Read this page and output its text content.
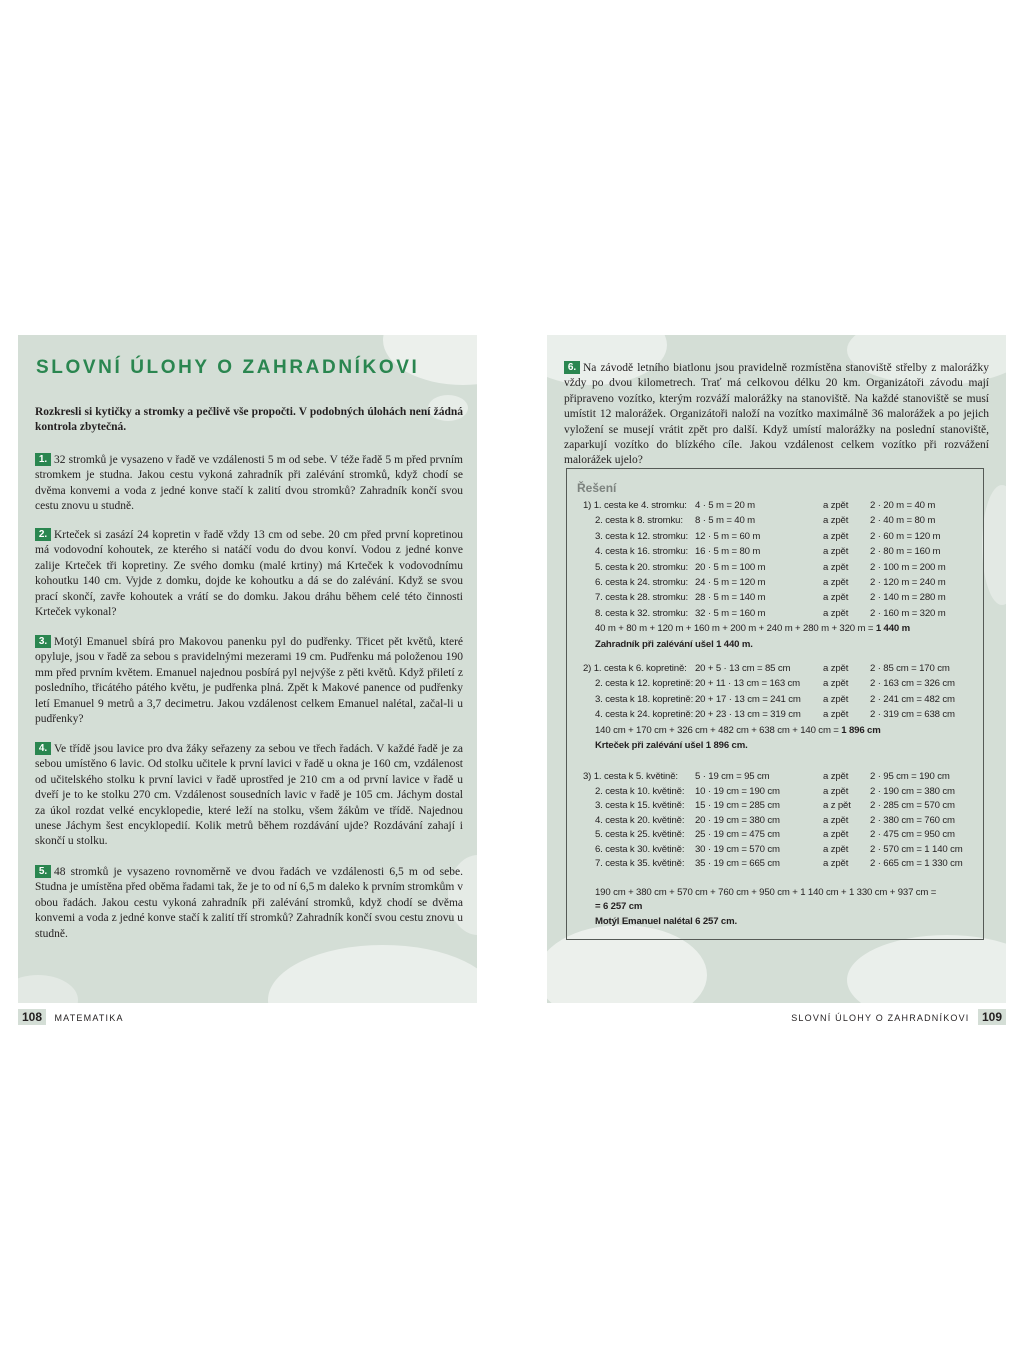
SLOVNÍ ÚLOHY O ZAHRADNÍKOVI

Rozkresli si kytičky a stromky a pečlivě vše propočti. V podobných úlohách není žádná kontrola zbytečná.

1. 32 stromků je vysazeno v řadě ve vzdálenosti 5 m od sebe. V téže řadě 5 m před prvním stromkem je studna. Jakou cestu vykoná zahradník při zalévání stromků, když chodí se dvěma konvemi a voda z jedné konve stačí k zalití dvou stromků? Zahradník končí svou cestu znovu u studně.

2. Krteček si zasází 24 kopretin v řadě vždy 13 cm od sebe. 20 cm před první kopretinou má vodovodní kohoutek, ze kterého si natáčí vodu do dvou konví. Vodou z jedné konve zalije Krteček tři kopretiny. Ze svého domku (malé krtiny) má Krteček k vodovodnímu kohoutku 140 cm. Vyjde z domku, dojde ke kohoutku a dá se do zalévání. Když se svou prací skončí, zavře kohoutek a vrátí se do domku. Jakou dráhu během celé této činnosti Krteček vykonal?

3. Motýl Emanuel sbírá pro Makovou panenku pyl do pudřenky. Třicet pět květů, které opyluje, jsou v řadě za sebou s pravidelnými mezerami 19 cm. Pudřenku má položenou 190 mm před prvním květem. Emanuel najednou posbírá pyl nejvýše z pěti květů. Když přiletí z posledního, třicátého pátého květu, je pudřenka plná. Zpět k Makové panence od pudřenky letí Emanuel 9 metrů a 3,7 decimetru. Jakou vzdálenost celkem Emanuel nalétal, začal-li u pudřenky?

4. Ve třídě jsou lavice pro dva žáky seřazeny za sebou ve třech řadách. V každé řadě je za sebou umístěno 6 lavic. Od stolku učitele k první lavici v řadě u okna je 160 cm, vzdálenost od učitelského stolku k první lavici v řadě uprostřed je 210 cm a od první lavice v řadě u dveří je to ke stolku 270 cm. Vzdálenost sousedních lavic v řadě je 105 cm. Jáchym dostal za úkol rozdat velké encyklopedie, které leží na stolku, všem žákům ve třídě. Najednou unese Jáchym šest encyklopedií. Kolik metrů během rozdávání ujde? Rozdávání zahají i skončí u stolku.

5. 48 stromků je vysazeno rovnoměrně ve dvou řadách ve vzdálenosti 6,5 m od sebe. Studna je umístěna před oběma řadami tak, že je to od ní 6,5 m daleko k prvním stromkům v obou řadách. Jakou cestu vykoná zahradník při zalévání stromků, když chodí se dvěma konvemi a voda z jedné konve stačí k zalití tří stromků? Zahradník končí svou cestu znovu u studně.

6. Na závodě letního biatlonu jsou pravidelně rozmístěna stanoviště střelby z malorážky vždy po dvou kilometrech. Trať má celkovou délku 20 km. Organizátoři závodu mají připraveno vozítko, kterým rozváží malorážky na stanoviště. Na každé stanoviště se musí umístit 12 malorážek. Organizátoři naloží na vozítko maximálně 36 malorážek a po jejich vyložení se musejí vrátit zpět pro další. Když umístí malorážky na poslední stanoviště, zaparkují vozítko do blízkého cíle. Jakou vzdálenost celkem vozítko při rozvážení malorážek ujelo?

Řešení
1) 1. cesta ke 4. stromku: 4 · 5 m = 20 m	a zpět 2 · 20 m = 40 m
2. cesta k 8. stromku: 8 · 5 m = 40 m	a zpět 2 · 40 m = 80 m
3. cesta k 12. stromku: 12 · 5 m = 60 m	a zpět 2 · 60 m = 120 m
4. cesta k 16. stromku: 16 · 5 m = 80 m	a zpět 2 · 80 m = 160 m
5. cesta k 20. stromku: 20 · 5 m = 100 m	a zpět 2 · 100 m = 200 m
6. cesta k 24. stromku: 24 · 5 m = 120 m	a zpět 2 · 120 m = 240 m
7. cesta k 28. stromku: 28 · 5 m = 140 m	a zpět 2 · 140 m = 280 m
8. cesta k 32. stromku: 32 · 5 m = 160 m	a zpět 2 · 160 m = 320 m
40 m + 80 m + 120 m + 160 m + 200 m + 240 m + 280 m + 320 m = 1 440 m
Zahradník při zalévání ušel 1 440 m.
2) 1. cesta k 6. kopretině: 20 + 5 · 13 cm = 85 cm	a zpět 2 · 85 cm = 170 cm
2. cesta k 12. kopretině: 20 + 11 · 13 cm = 163 cm a zpět 2 · 163 cm = 326 cm
3. cesta k 18. kopretině: 20 + 17 · 13 cm = 241 cm a zpět 2 · 241 cm = 482 cm
4. cesta k 24. kopretině: 20 + 23 · 13 cm = 319 cm a zpět 2 · 319 cm = 638 cm
140 cm + 170 cm + 326 cm + 482 cm + 638 cm + 140 cm = 1 896 cm
Krteček při zalévání ušel 1 896 cm.
3) 1. cesta k 5. květině: 5 · 19 cm = 95 cm	a zpět 2 · 95 cm = 190 cm
2. cesta k 10. květině: 10 · 19 cm = 190 cm	a zpět 2 · 190 cm = 380 cm
3. cesta k 15. květině: 15 · 19 cm = 285 cm	a z pět 2 · 285 cm = 570 cm
4. cesta k 20. květině: 20 · 19 cm = 380 cm	a zpět 2 · 380 cm = 760 cm
5. cesta k 25. květině: 25 · 19 cm = 475 cm	a zpět 2 · 475 cm = 950 cm
6. cesta k 30. květině: 30 · 19 cm = 570 cm	a zpět 2 · 570 cm = 1 140 cm
7. cesta k 35. květině: 35 · 19 cm = 665 cm	a zpět 2 · 665 cm = 1 330 cm
190 cm + 380 cm + 570 cm + 760 cm + 950 cm + 1 140 cm + 1 330 cm + 937 cm =
= 6 257 cm
Motýl Emanuel nalétal 6 257 cm.
108 MATEMATIKA	SLOVNÍ ÚLOHY O ZAHRADNÍKOVI 109
